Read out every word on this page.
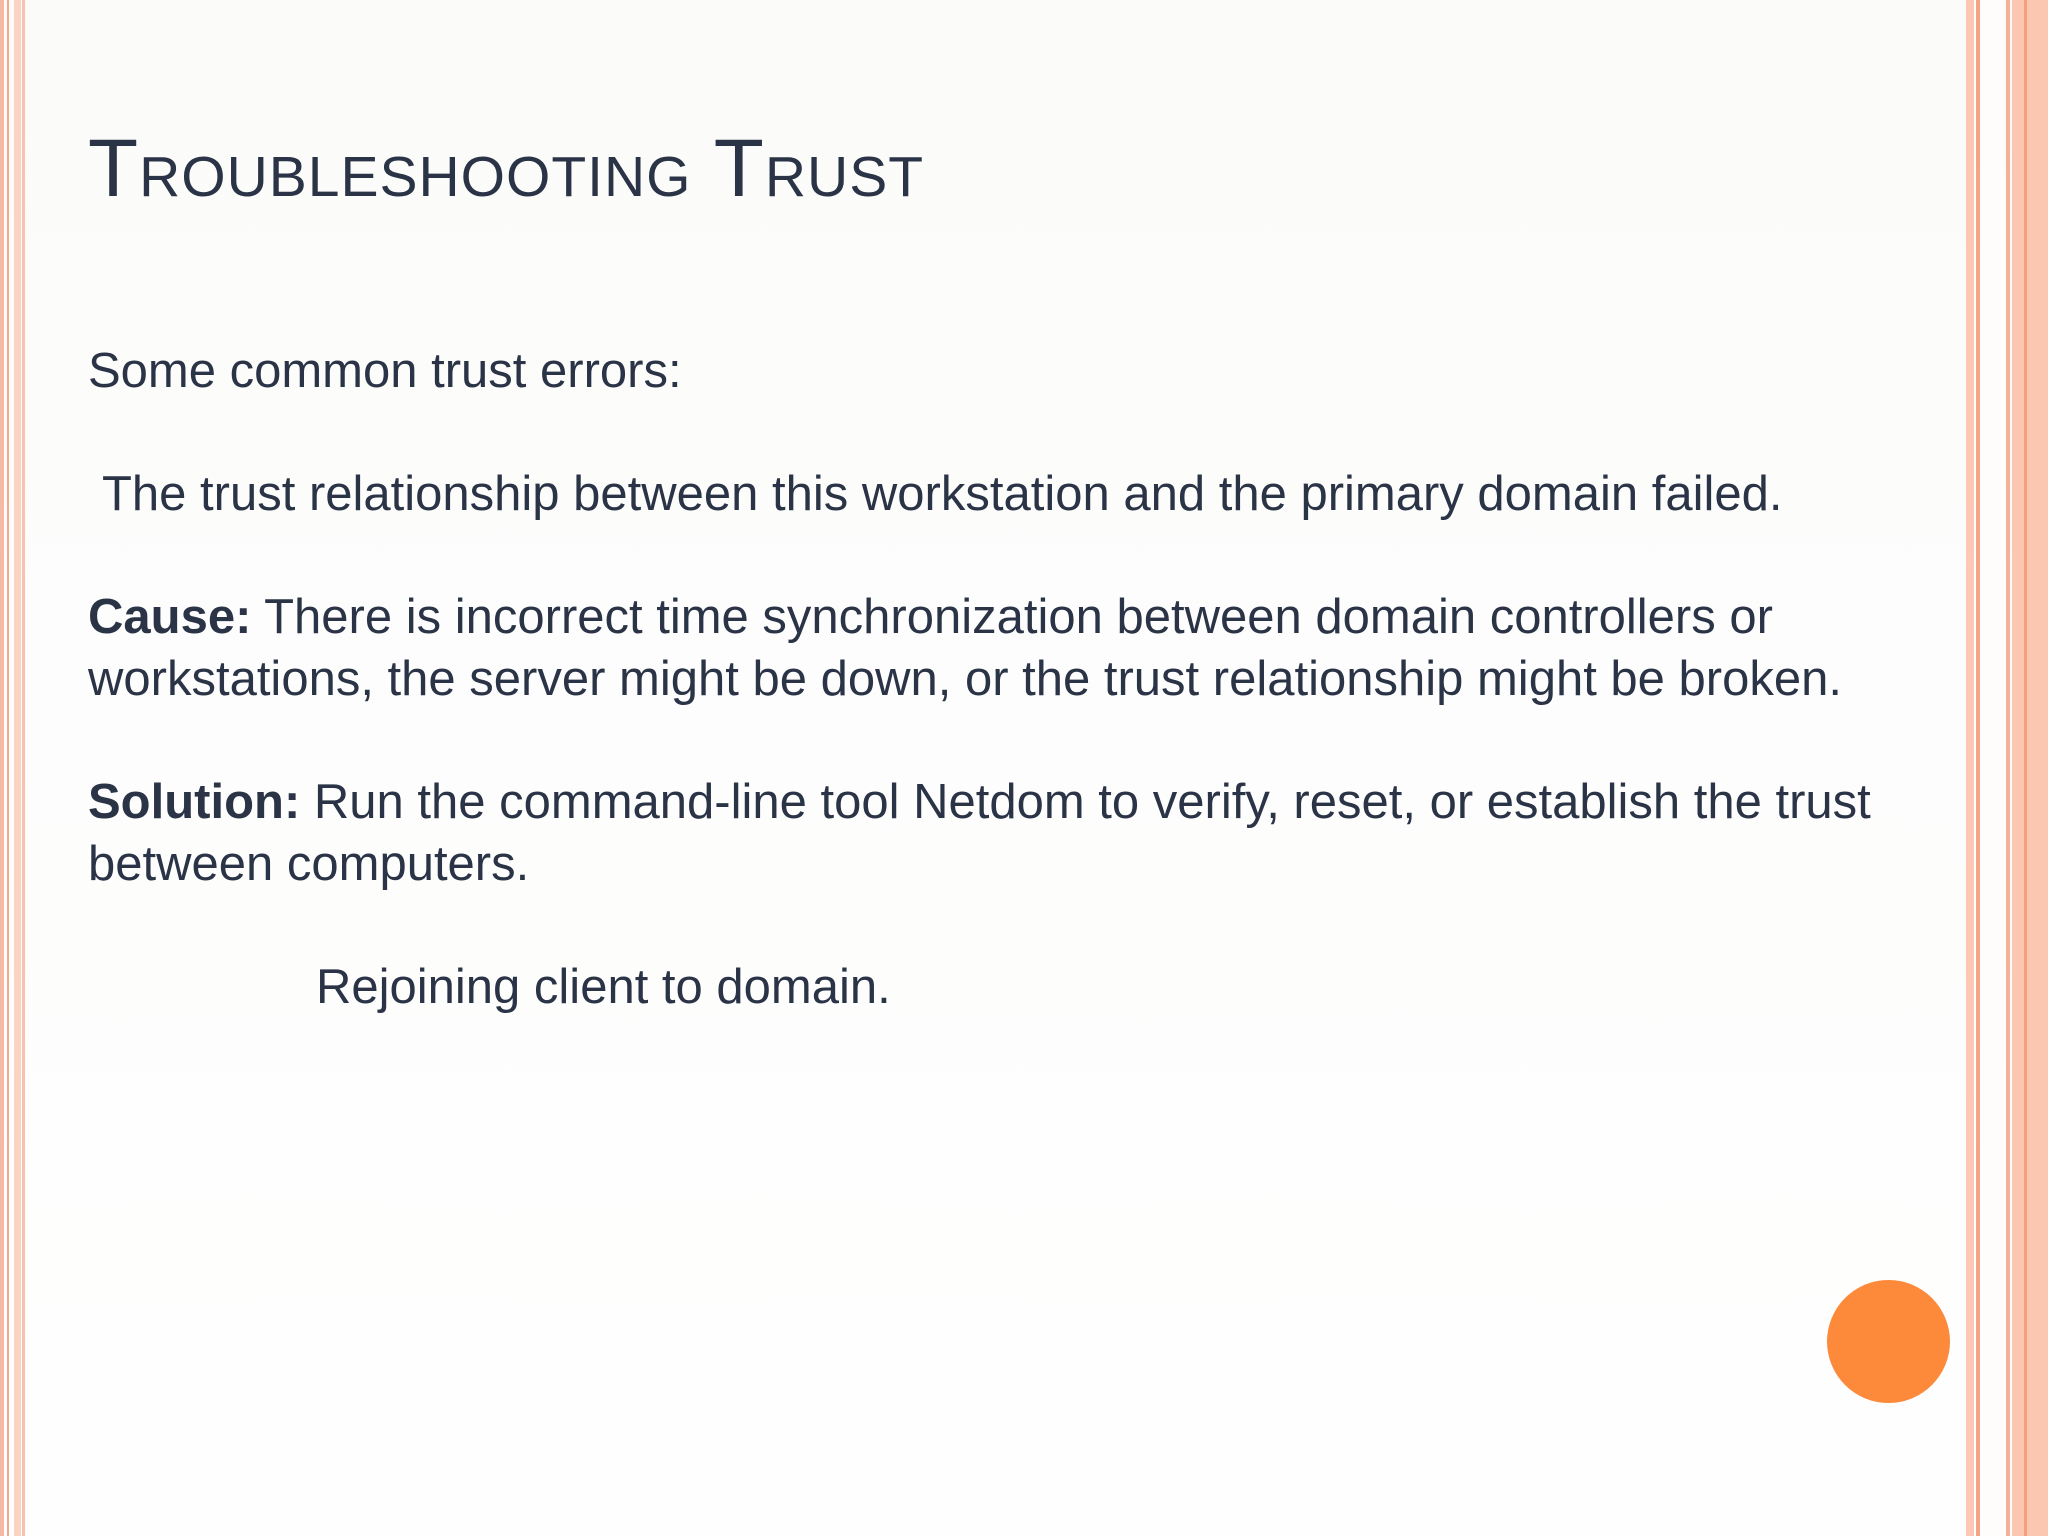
Troubleshooting Trust

Some common trust errors:

The trust relationship between this workstation and the primary domain failed.

Cause: There is incorrect time synchronization between domain controllers or workstations, the server might be down, or the trust relationship might be broken.

Solution: Run the command-line tool Netdom to verify, reset, or establish the trust between computers.

Rejoining client to domain.
